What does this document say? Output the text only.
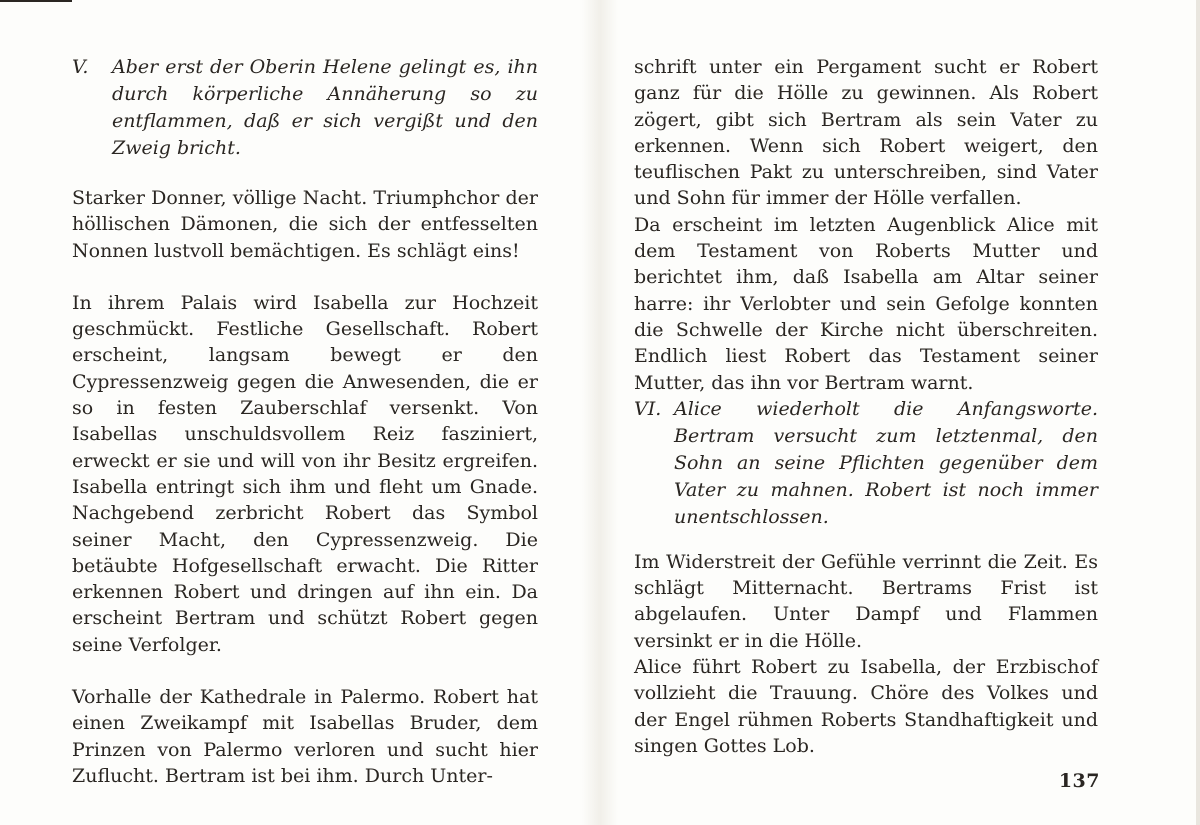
V.	Aber erst der Oberin Helene gelingt es, ihn durch körperliche Annäherung so zu entflammen, daß er sich vergißt und den Zweig bricht.

Starker Donner, völlige Nacht. Triumphchor der höllischen Dämonen, die sich der entfesselten Nonnen lustvoll bemächtigen. Es schlägt eins!

In ihrem Palais wird Isabella zur Hochzeit geschmückt. Festliche Gesellschaft. Robert erscheint, langsam bewegt er den Cypressenzweig gegen die Anwesenden, die er so in festen Zauberschlaf versenkt. Von Isabellas unschuldsvollem Reiz fasziniert, erweckt er sie und will von ihr Besitz ergreifen. Isabella entringt sich ihm und fleht um Gnade. Nachgebend zerbricht Robert das Symbol seiner Macht, den Cypressenzweig. Die betäubte Hofgesellschaft erwacht. Die Ritter erkennen Robert und dringen auf ihn ein. Da erscheint Bertram und schützt Robert gegen seine Verfolger.

Vorhalle der Kathedrale in Palermo. Robert hat einen Zweikampf mit Isabellas Bruder, dem Prinzen von Palermo verloren und sucht hier Zuflucht. Bertram ist bei ihm. Durch Unter-

schrift unter ein Pergament sucht er Robert ganz für die Hölle zu gewinnen. Als Robert zögert, gibt sich Bertram als sein Vater zu erkennen. Wenn sich Robert weigert, den teuflischen Pakt zu unterschreiben, sind Vater und Sohn für immer der Hölle verfallen.

Da erscheint im letzten Augenblick Alice mit dem Testament von Roberts Mutter und berichtet ihm, daß Isabella am Altar seiner harre: ihr Verlobter und sein Gefolge konnten die Schwelle der Kirche nicht überschreiten. Endlich liest Robert das Testament seiner Mutter, das ihn vor Bertram warnt.

VI. Alice wiederholt die Anfangsworte. Bertram versucht zum letztenmal, den Sohn an seine Pflichten gegenüber dem Vater zu mahnen. Robert ist noch immer unentschlossen.

Im Widerstreit der Gefühle verrinnt die Zeit. Es schlägt Mitternacht. Bertrams Frist ist abgelaufen. Unter Dampf und Flammen versinkt er in die Hölle.

Alice führt Robert zu Isabella, der Erzbischof vollzieht die Trauung. Chöre des Volkes und der Engel rühmen Roberts Standhaftigkeit und singen Gottes Lob.

137
